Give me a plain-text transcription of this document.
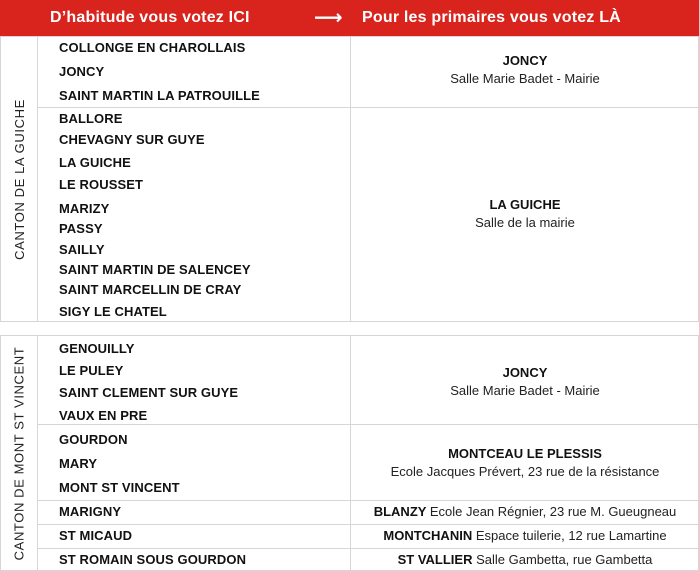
D’habitude vous votez ICI	⟶ Pour les primaires vous votez LÀ
CANTON DE LA GUICHE
COLLONGE EN CHAROLLAIS
JONCY
SAINT MARTIN LA PATROUILLE
BALLORE
CHEVAGNY SUR GUYE
LA GUICHE
LE ROUSSET
MARIZY
PASSY
SAILLY
SAINT MARTIN DE SALENCEY
SAINT MARCELLIN DE CRAY
SIGY LE CHATEL
JONCY
Salle Marie Badet - Mairie
LA GUICHE
Salle de la mairie
CANTON DE MONT ST VINCENT GENOUILLY
LE PULEY
SAINT CLEMENT SUR GUYE
VAUX EN PRE
GOURDON
MARY
MONT ST VINCENT
MARIGNY
ST MICAUD
ST ROMAIN SOUS GOURDON
JONCY
Salle Marie Badet - Mairie
MONTCEAU LE PLESSIS
Ecole Jacques Prévert, 23 rue de la résistance
BLANZY Ecole Jean Régnier, 23 rue M. Gueugneau
MONTCHANIN Espace tuilerie, 12 rue Lamartine
ST VALLIER Salle Gambetta, rue Gambetta
